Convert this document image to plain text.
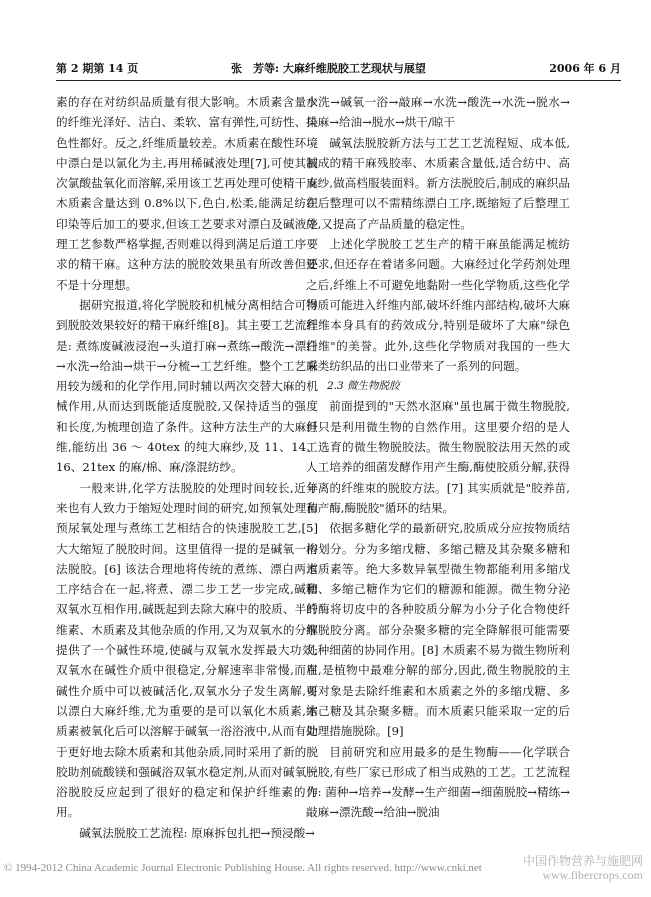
第 2 期第 14 页	张　芳等: 大麻纤维脱胶工艺现状与展望	2006 年 6 月

素的存在对纺织品质量有很大影响。木质素含量少的纤维光泽好、洁白、柔软、富有弹性,可纺性、染色性都好。反之,纤维质量较差。木质素在酸性环境中漂白是以氯化为主,再用稀碱液处理[7],可使其被次氯酸盐氧化而溶解,采用该工艺再处理可使精干麻木质素含量达到 0.8%以下,色白,松柔,能满足纺织印染等后加工的要求,但该工艺要求对漂白及碱液处理工艺参数严格掌握,否则难以得到满足后道工序要求的精干麻。这种方法的脱胶效果虽有所改善但还不是十分理想。

据研究报道,将化学脱胶和机械分离相结合可得到脱胶效果较好的精干麻纤维[8]。其主要工艺流程是: 煮练废碱液浸泡→头道打麻→煮练→酸洗→漂白→水洗→给油→烘干→分梳→工艺纤维。整个工艺采用较为缓和的化学作用,同时辅以两次交替大麻的机械作用,从而达到既能适度脱胶,又保持适当的强度和长度,为梳理创造了条件。这种方法生产的大麻纤维,能纺出 36 ～ 40tex 的纯大麻纱,及 11、14、16、21tex 的麻/棉、麻/涤混纺纱。

一般来讲,化学方法脱胶的处理时间较长,近年来也有人致力于缩短处理时间的研究,如预氧处理和预尿氧处理与煮练工艺相结合的快速脱胶工艺,[5] 大大缩短了脱胶时间。这里值得一提的是碱氧一浴法脱胶。[6] 该法合理地将传统的煮练、漂白两道工序结合在一起,将煮、漂二步工艺一步完成,碱和双氧水互相作用,碱既起到去除大麻中的胶质、半纤维素、木质素及其他杂质的作用,又为双氧水的分解提供了一个碱性环境,使碱与双氧水发挥最大功效;双氧水在碱性介质中很稳定,分解速率非常慢,而在碱性介质中可以被碱活化,双氧水分子发生离解,可以漂白大麻纤维,尤为重要的是可以氧化木质素,木质素被氧化后可以溶解于碱氧一浴浴液中,从而有助于更好地去除木质素和其他杂质,同时采用了新的脱胶助剂硫酸镁和强碱浴双氧水稳定剂,从而对碱氧一浴脱胶反应起到了很好的稳定和保护纤维素的作用。

碱氧法脱胶工艺流程: 原麻拆包扎把→预浸酸→

水洗→碱氧一浴→敲麻→水洗→酸洗→水洗→脱水→抖麻→给油→脱水→烘干/晾干

碱氧法脱胶新方法与工艺工艺流程短、成本低,制成的精干麻残胶率、木质素含量低,适合纺中、高支纱,做高档服装面料。新方法脱胶后,制成的麻织品在后整理可以不需精练漂白工序,既缩短了后整理工序,又提高了产品质量的稳定性。

上述化学脱胶工艺生产的精干麻虽能满足梳纺要求,但还存在着诸多问题。大麻经过化学药剂处理之后,纤维上不可避免地黏附一些化学物质,这些化学物质可能进入纤维内部,破坏纤维内部结构,破坏大麻纤维本身具有的药效成分,特别是破坏了大麻"绿色纤维"的美誉。此外,这些化学物质对我国的一些大麻类纺织品的出口业带来了一系列的问题。

2.3 微生物脱胶

前面提到的"天然水沤麻"虽也属于微生物脱胶,但只是利用微生物的自然作用。这里要介绍的是人工选育的微生物脱胶法。微生物脱胶法用天然的或人工培养的细菌发酵作用产生酶,酶使胶质分解,获得分离的纤维束的脱胶方法。[7] 其实质就是"胶养苗,苗产酶,酶脱胶"循环的结果。

依据多糖化学的最新研究,胶质成分应按物质结构划分。分为多缩戊糖、多缩己糖及其杂聚多糖和木质素等。绝大多数异氧型微生物都能利用多缩戊糖、多缩己糖作为它们的糖源和能源。微生物分泌的酶将切皮中的各种胶质分解为小分子化合物使纤维脱胶分离。部分杂聚多糖的完全降解很可能需要几种细菌的协同作用。[8] 木质素不易为微生物所利用,是植物中最难分解的部分,因此,微生物脱胶的主要对象是去除纤维素和木质素之外的多缩戊糖、多缩己糖及其杂聚多糖。而木质素只能采取一定的后处理措施脱除。[9]

目前研究和应用最多的是生物酶——化学联合脱胶,有些厂家已形成了相当成熟的工艺。工艺流程为: 菌种→培养→发酵→生产细菌→细菌脱胶→精练→敲麻→漂洗酸→给油→脱油

© 1994-2012 China Academic Journal Electronic Publishing House. All rights reserved. http://www.cnki.net	中国作物营养与施肥网
www.fibercrops.com
